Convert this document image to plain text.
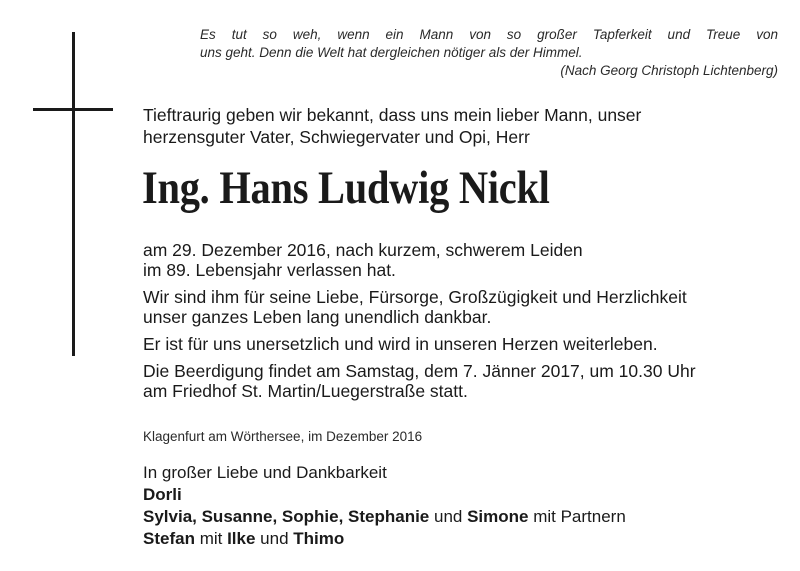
Es tut so weh, wenn ein Mann von so großer Tapferkeit und Treue von
uns geht. Denn die Welt hat dergleichen nötiger als der Himmel.
(Nach Georg Christoph Lichtenberg)
Tieftraurig geben wir bekannt, dass uns mein lieber Mann, unser
herzensguter Vater, Schwiegervater und Opi, Herr
Ing. Hans Ludwig Nickl
am 29. Dezember 2016, nach kurzem, schwerem Leiden
im 89. Lebensjahr verlassen hat.
Wir sind ihm für seine Liebe, Fürsorge, Großzügigkeit und Herzlichkeit
unser ganzes Leben lang unendlich dankbar.
Er ist für uns unersetzlich und wird in unseren Herzen weiterleben.
Die Beerdigung findet am Samstag, dem 7. Jänner 2017, um 10.30 Uhr
am Friedhof St. Martin/Luegerstraße statt.
Klagenfurt am Wörthersee, im Dezember 2016
In großer Liebe und Dankbarkeit
Dorli
Sylvia, Susanne, Sophie, Stephanie und Simone mit Partnern
Stefan mit Ilke und Thimo
